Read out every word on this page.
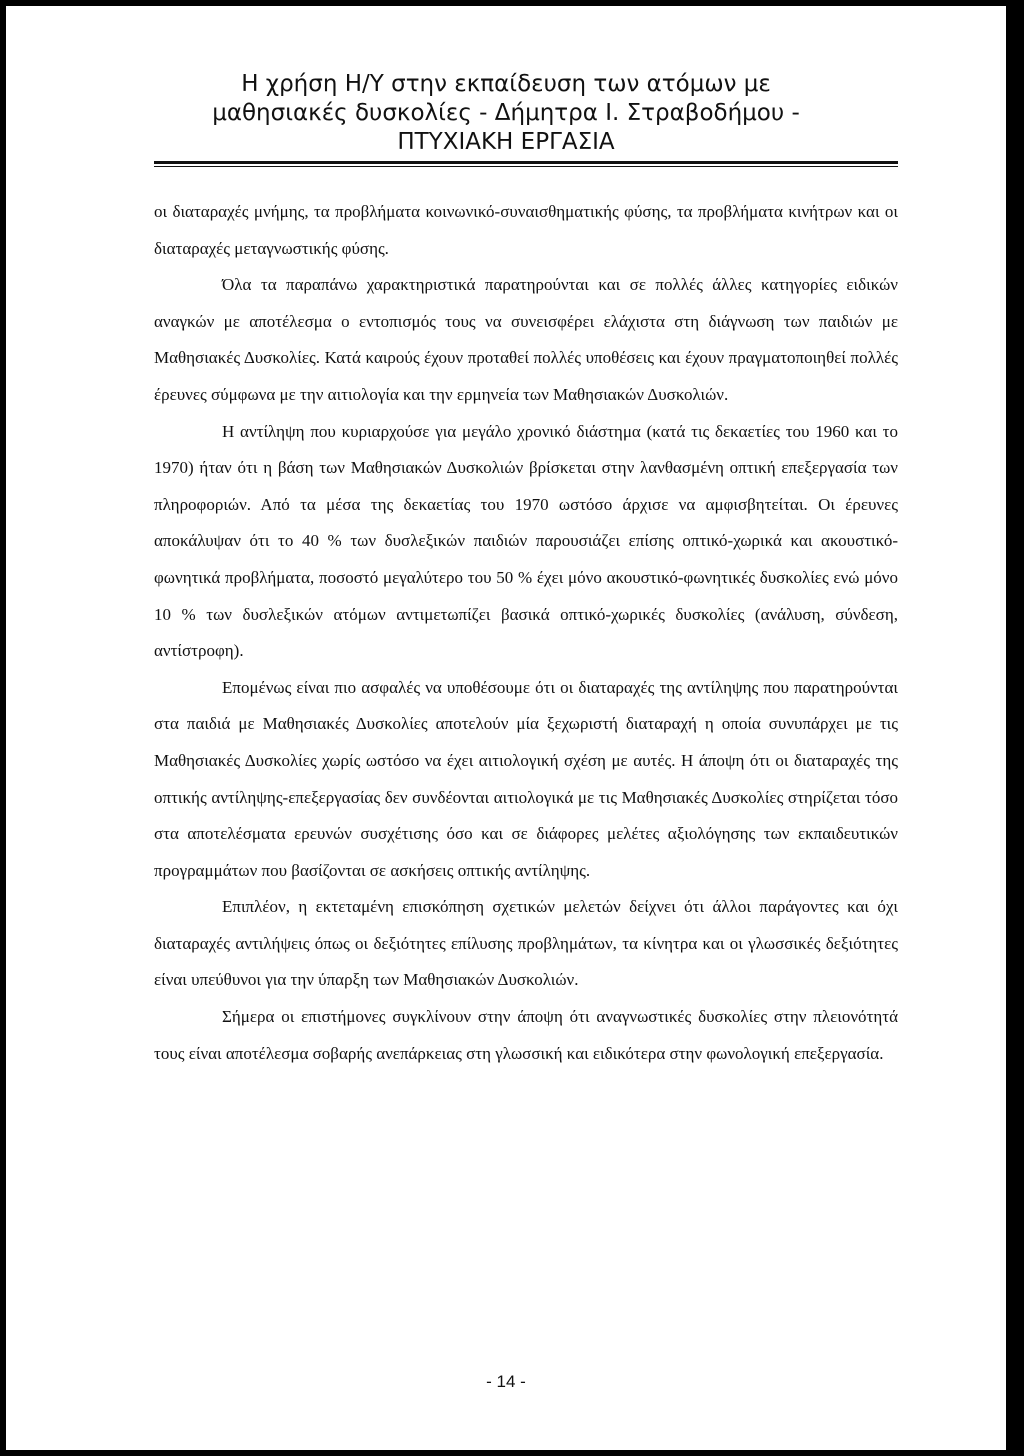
Η χρήση Η/Υ στην εκπαίδευση των ατόμων με
μαθησιακές δυσκολίες - Δήμητρα Ι. Στραβοδήμου -
ΠΤΥΧΙΑΚΗ ΕΡΓΑΣΙΑ

οι διαταραχές μνήμης, τα προβλήματα κοινωνικό-συναισθηματικής φύσης, τα προβλήματα κινήτρων και οι διαταραχές μεταγνωστικής φύσης.

Όλα τα παραπάνω χαρακτηριστικά παρατηρούνται και σε πολλές άλλες κατηγορίες ειδικών αναγκών με αποτέλεσμα ο εντοπισμός τους να συνεισφέρει ελάχιστα στη διάγνωση των παιδιών με Μαθησιακές Δυσκολίες. Κατά καιρούς έχουν προταθεί πολλές υποθέσεις και έχουν πραγματοποιηθεί πολλές έρευνες σύμφωνα με την αιτιολογία και την ερμηνεία των Μαθησιακών Δυσκολιών.

Η αντίληψη που κυριαρχούσε για μεγάλο χρονικό διάστημα (κατά τις δεκαετίες του 1960 και το 1970) ήταν ότι η βάση των Μαθησιακών Δυσκολιών βρίσκεται στην λανθασμένη οπτική επεξεργασία των πληροφοριών. Από τα μέσα της δεκαετίας του 1970 ωστόσο άρχισε να αμφισβητείται. Οι έρευνες αποκάλυψαν ότι το 40 % των δυσλεξικών παιδιών παρουσιάζει επίσης οπτικό-χωρικά και ακουστικό-φωνητικά προβλήματα, ποσοστό μεγαλύτερο του 50 % έχει μόνο ακουστικό-φωνητικές δυσκολίες ενώ μόνο 10 % των δυσλεξικών ατόμων αντιμετωπίζει βασικά οπτικό-χωρικές δυσκολίες (ανάλυση, σύνδεση, αντίστροφη).

Επομένως είναι πιο ασφαλές να υποθέσουμε ότι οι διαταραχές της αντίληψης που παρατηρούνται στα παιδιά με Μαθησιακές Δυσκολίες αποτελούν μία ξεχωριστή διαταραχή η οποία συνυπάρχει με τις Μαθησιακές Δυσκολίες χωρίς ωστόσο να έχει αιτιολογική σχέση με αυτές. Η άποψη ότι οι διαταραχές της οπτικής αντίληψης-επεξεργασίας δεν συνδέονται αιτιολογικά με τις Μαθησιακές Δυσκολίες στηρίζεται τόσο στα αποτελέσματα ερευνών συσχέτισης όσο και σε διάφορες μελέτες αξιολόγησης των εκπαιδευτικών προγραμμάτων που βασίζονται σε ασκήσεις οπτικής αντίληψης.

Επιπλέον, η εκτεταμένη επισκόπηση σχετικών μελετών δείχνει ότι άλλοι παράγοντες και όχι διαταραχές αντιλήψεις όπως οι δεξιότητες επίλυσης προβλημάτων, τα κίνητρα και οι γλωσσικές δεξιότητες είναι υπεύθυνοι για την ύπαρξη των Μαθησιακών Δυσκολιών.

Σήμερα οι επιστήμονες συγκλίνουν στην άποψη ότι αναγνωστικές δυσκολίες στην πλειονότητά τους είναι αποτέλεσμα σοβαρής ανεπάρκειας στη γλωσσική και ειδικότερα στην φωνολογική επεξεργασία.

- 14 -
